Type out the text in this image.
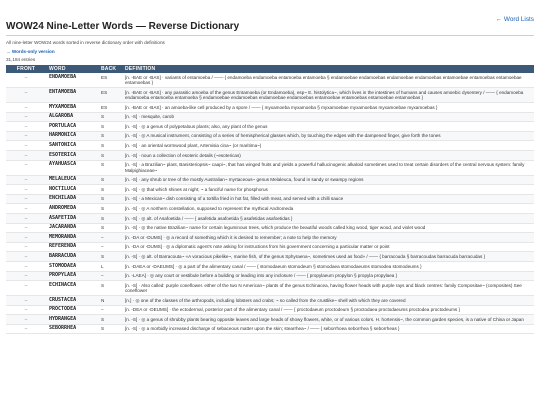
← Word Lists
WOW24 Nine-Letter Words — Reverse Dictionary
All nine-letter WOW24 words sorted in reverse dictionary order with definitions
→ Words-only version
31,184 entries
FRONT	WORD	BACK	DEFINITION
–	ENDAMOEBA	ES	[n. -BAE or -BAS] · variants of entamoeba / —— { endamoeba endamoeba entamoeba entamoeba § endamoebae endamoebas endamoebae endamoebas entamoebae entamoebas entamoebae entamoebas }
–	ENTAMOEBA	ES	[n. -BAE or -BAS] · any parasitic amoeba of the genus Entamoeba (or Endamoeba), esp~ E. histolytica~, which lives in the intestines of humans and causes amoebic dysentery / —— { endamoeba endamoeba entamoeba entamoeba § endamoebae endamoebas endamoebae endamoebas entamoebae entamoebas entamoebae entamoebas }
–	MYXAMOEBA	ES	[n. -BAE or -BAS] · an amoeba-like cell produced by a spore / —— { myxamoeba myxamoeba § myxamoebae myxamoebas myxamoebae myxamoebas }
–	ALGAROBA	S	[n. -S] · mesquite, carob
–	PORTULACA	S	[n. -S] · ◎ a genus of polypetalous plants; also, any plant of the genus
–	HARMONICA	S	[n. -S] · ◎ A musical instrument, consisting of a series of hemispherical glasses which, by touching the edges with the dampened finger, give forth the tones
–	SANTONICA	S	[n. -S] · an oriental wormwood plant, Artemisia cina~ (or maritima~)
–	ESOTERICA	S	[n. -S] · noun a collection of esoteric details (~esotericas)
–	AYAHUASCA	S	[n. -S] · a Brazilian~ plant, Banisteriopsis~ caapi~, that has winged fruits and yields a powerful hallucinogenic alkaloid sometimes used to treat certain disorders of the central nervous system: family Malpighiaceae~
–	MELALEUCA	S	[n. -S] · any shrub or tree of the mostly Australian~ myrtaceous~ genus Melaleuca, found in sandy or swampy regions
–	NOCTILUCA	S	[n. -S] · ◎ that which shines at night; ~ a fanciful name for phosphorus
–	ENCHILADA	S	[n. -S] · a Mexican~ dish consisting of a tortilla fried in hot fat, filled with meat, and served with a chilli sauce
–	ANDROMEDA	S	[n. -S] · ◎ A northern constellation, supposed to represent the mythical Andromeda
–	ASAFETIDA	S	[n. -S] · ◎ alt. of Asafoetida / —— { asafetida asafoetida § asafetidas asafoetidas }
–	JACARANDA	S	[n. -S] · ◎ the native Brazilian~ name for certain leguminous trees, which produce the beautiful woods called king wood, tiger wood, and violet wood
–	MEMORANDA	–	[n. -DA or -DUMS] · ◎ a record of something which it is desired to remember; a note to help the memory
–	REFERENDA	–	[n. -DA or -DUMS] · ◎ a diplomatic agent's note asking for instructions from his government concerning a particular matter or point
–	BARRACUDA	S	[n. -S] · ◎ alt. of Barracouta~ «A voracious pikelike~, marine fish, of the genus Sphyraena~, sometimes used as food» / —— { barracouda § barracoudas barracuda barracudas }
–	STOMODAEA	L	[n. -DAEA or -DAEUMS] · ◎ a part of the alimentary canal / —— { stomodaeum stomodeum § stomodaea stomodaeums stomodea stomodeums }
–	PROPYLAEA	–	[n. -LAEA] · ◎ any court or vestibule before a building or leading into any inclosure / —— { propylaeum propylon § propyla propylaea }
–	ECHINACEA	S	[n. -S] · Also called: purple coneflower. either of the two N American~ plants of the genus Echinacea, having flower heads with purple rays and black centres: family Compositae~ (composites) See coneflower
–	CRUSTACEA	N	[n.] · ◎ one of the classes of the arthropods, including lobsters and crabs; ~ so called from the crustlike~ shell with which they are covered
–	PROCTODEA	–	[n. -DEA or -DEUMS] · the ectodermal, posterior part of the alimentary canal / —— { proctodaeum proctodeum § proctodaea proctodaeums proctodea proctodeums }
–	HYDRANGEA	S	[n. -S] · ◎ a genus of shrubby plants bearing opposite leaves and large heads of showy flowers, white, or of various colors. H. hortensis~, the common garden species, is a native of China or Japan
–	SEBORRHEA	S	[n. -S] · ◎ a morbidly increased discharge of sebaceous matter upon the skin; stearrhea~ / —— { seborrhoea seborrhea § seborrheas }
